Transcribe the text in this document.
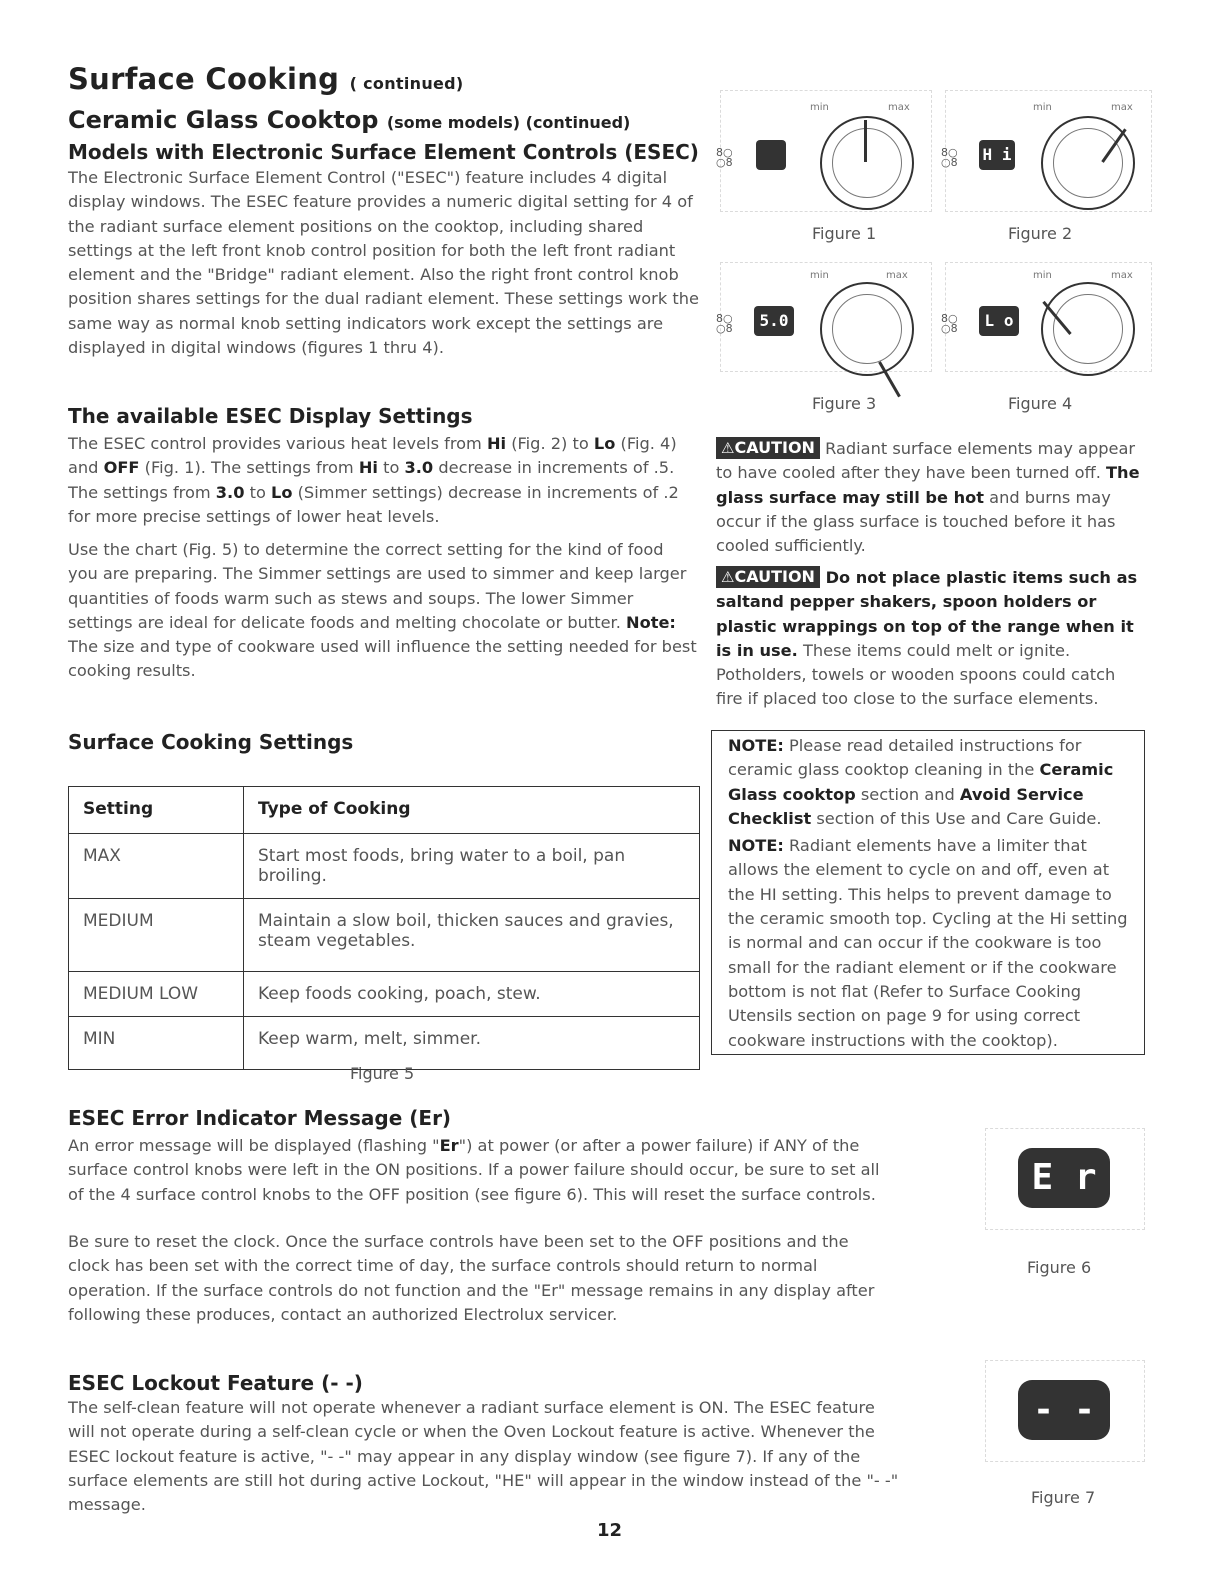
Surface Cooking ( continued)
Ceramic Glass Cooktop (some models) (continued)
Models with Electronic Surface Element Controls (ESEC)
The Electronic Surface Element Control ("ESEC") feature includes 4 digital display windows. The ESEC feature provides a numeric digital setting for 4 of the radiant surface element positions on the cooktop, including shared settings at the left front knob control position for both the left front radiant element and the "Bridge" radiant element. Also the right front control knob position shares settings for the dual radiant element. These settings work the same way as normal knob setting indicators work except the settings are displayed in digital windows (figures 1 thru 4).
8○
○8
min	max
Figure 1
8○
○8 H i
min	max
Figure 2
8○
○8	5.0
min	max
Figure 3
8○
○8	L o
min	max
Figure 4
The available ESEC Display Settings
The ESEC control provides various heat levels from Hi (Fig. 2) to Lo (Fig. 4) and OFF (Fig. 1). The settings from Hi to 3.0 decrease in increments of .5. The settings from 3.0 to Lo (Simmer settings) decrease in increments of .2 for more precise settings of lower heat levels.
Use the chart (Fig. 5) to determine the correct setting for the kind of food you are preparing. The Simmer settings are used to simmer and keep larger quantities of foods warm such as stews and soups. The lower Simmer settings are ideal for delicate foods and melting chocolate or butter. Note: The size and type of cookware used will influence the setting needed for best cooking results.
Surface Cooking Settings
Setting	Type of Cooking
MAX	Start most foods, bring water to a boil, pan broiling.
MEDIUM	Maintain a slow boil, thicken sauces and gravies, steam vegetables.
MEDIUM LOW	Keep foods cooking, poach, stew.
MIN	Keep warm, melt, simmer.
Figure 5
⚠CAUTION Radiant surface elements may appear to have cooled after they have been turned off. The glass surface may still be hot and burns may occur if the glass surface is touched before it has cooled sufficiently.
⚠CAUTION Do not place plastic items such as saltand pepper shakers, spoon holders or plastic wrappings on top of the range when it is in use. These items could melt or ignite. Potholders, towels or wooden spoons could catch fire if placed too close to the surface elements.

NOTE: Please read detailed instructions for ceramic glass cooktop cleaning in the Ceramic Glass cooktop section and Avoid Service Checklist section of this Use and Care Guide.

NOTE: Radiant elements have a limiter that allows the element to cycle on and off, even at the HI setting. This helps to prevent damage to the ceramic smooth top. Cycling at the Hi setting is normal and can occur if the cookware is too small for the radiant element or if the cookware bottom is not flat (Refer to Surface Cooking Utensils section on page 9 for using correct cookware instructions with the cooktop).

ESEC Error Indicator Message (Er)
An error message will be displayed (flashing "Er") at power (or after a power failure) if ANY of the surface control knobs were left in the ON positions. If a power failure should occur, be sure to set all of the 4 surface control knobs to the OFF position (see figure 6). This will reset the surface controls.
Be sure to reset the clock. Once the surface controls have been set to the OFF positions and the clock has been set with the correct time of day, the surface controls should return to normal operation. If the surface controls do not function and the "Er" message remains in any display after following these produces, contact an authorized Electrolux servicer.
E r
Figure 6
ESEC Lockout Feature (- -)
The self-clean feature will not operate whenever a radiant surface element is ON. The ESEC feature will not operate during a self-clean cycle or when the Oven Lockout feature is active. Whenever the ESEC lockout feature is active, "- -" may appear in any display window (see figure 7). If any of the surface elements are still hot during active Lockout, "HE" will appear in the window instead of the "- -" message.
- -
Figure 7
12
